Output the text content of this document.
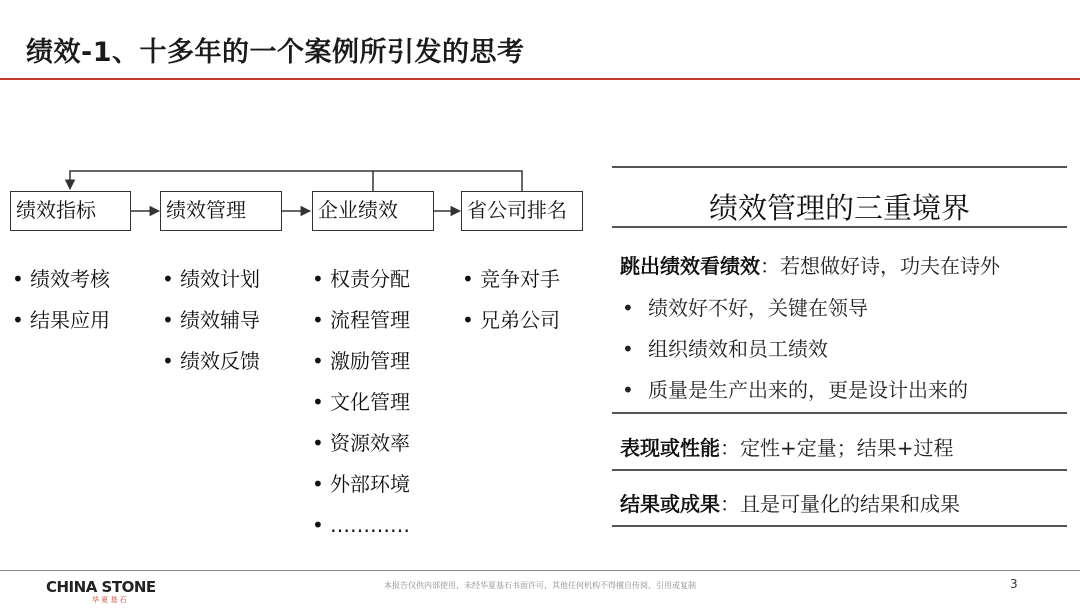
绩效-1、十多年的一个案例所引发的思考
绩效指标	绩效管理	企业绩效	省公司排名
• 绩效考核
• 结果应用
• 绩效计划
• 绩效辅导
• 绩效反馈
• 权责分配
• 流程管理
• 激励管理
• 文化管理
• 资源效率
• 外部环境
• …………
• 竞争对手
• 兄弟公司
绩效管理的三重境界
跳出绩效看绩效：若想做好诗，功夫在诗外
• 绩效好不好，关键在领导
• 组织绩效和员工绩效
• 质量是生产出来的，更是设计出来的
表现或性能：定性+定量；结果+过程
结果或成果：且是可量化的结果和成果
CHINA STONE
华 夏 基 石
本报告仅供内部使用，未经华夏基石书面许可，其他任何机构不得擅自传阅、引用或复制	3
